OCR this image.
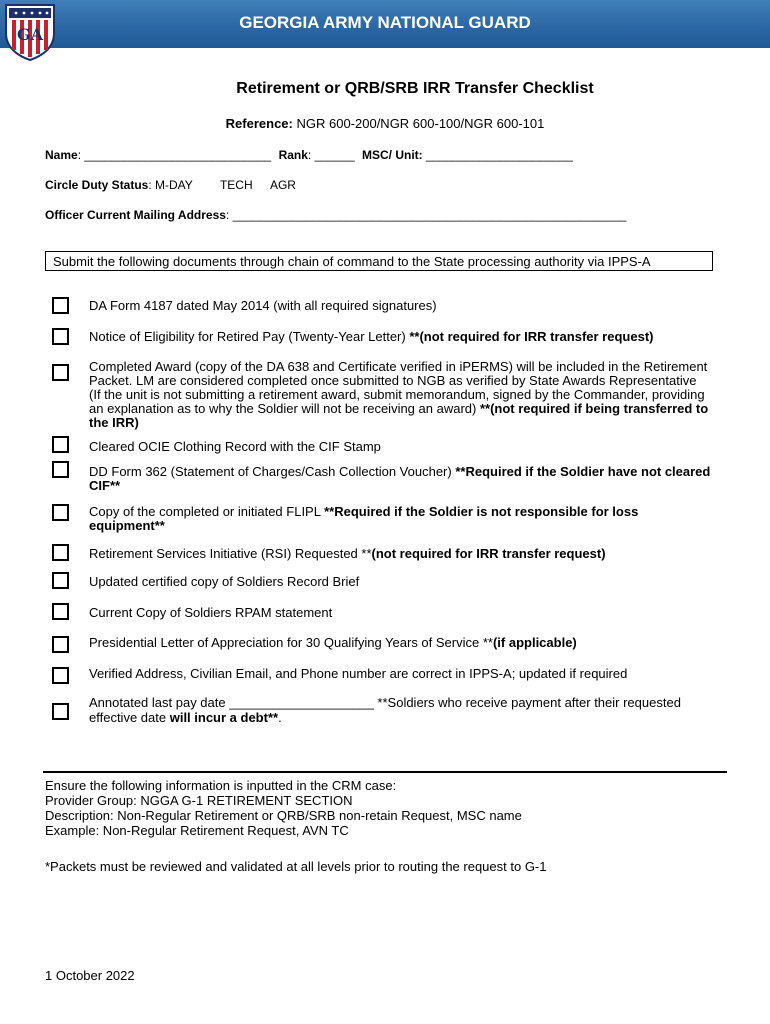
GEORGIA ARMY NATIONAL GUARD
GA
Retirement or QRB/SRB IRR Transfer Checklist
Reference: NGR 600-200/NGR 600-100/NGR 600-101
Name: ____________________________ Rank: ______ MSC/ Unit: ______________________
Circle Duty Status: M-DAY TECH AGR
Officer Current Mailing Address: ___________________________________________________________
Submit the following documents through chain of command to the State processing authority via IPPS-A
DA Form 4187 dated May 2014 (with all required signatures)
Notice of Eligibility for Retired Pay (Twenty-Year Letter) **(not required for IRR transfer request)
Completed Award (copy of the DA 638 and Certificate verified in iPERMS) will be included in the Retirement Packet. LM are considered completed once submitted to NGB as verified by State Awards Representative (If the unit is not submitting a retirement award, submit memorandum, signed by the Commander, providing an explanation as to why the Soldier will not be receiving an award) **(not required if being transferred to the IRR)
Cleared OCIE Clothing Record with the CIF Stamp
DD Form 362 (Statement of Charges/Cash Collection Voucher) **Required if the Soldier have not cleared CIF**
Copy of the completed or initiated FLIPL **Required if the Soldier is not responsible for loss equipment**
Retirement Services Initiative (RSI) Requested **(not required for IRR transfer request)
Updated certified copy of Soldiers Record Brief
Current Copy of Soldiers RPAM statement
Presidential Letter of Appreciation for 30 Qualifying Years of Service **(if applicable)
Verified Address, Civilian Email, and Phone number are correct in IPPS-A; updated if required
Annotated last pay date ____________________ **Soldiers who receive payment after their requested effective date will incur a debt**.
Ensure the following information is inputted in the CRM case:
Provider Group: NGGA G-1 RETIREMENT SECTION
Description: Non-Regular Retirement or QRB/SRB non-retain Request, MSC name
Example: Non-Regular Retirement Request, AVN TC
*Packets must be reviewed and validated at all levels prior to routing the request to G-1
1 October 2022
